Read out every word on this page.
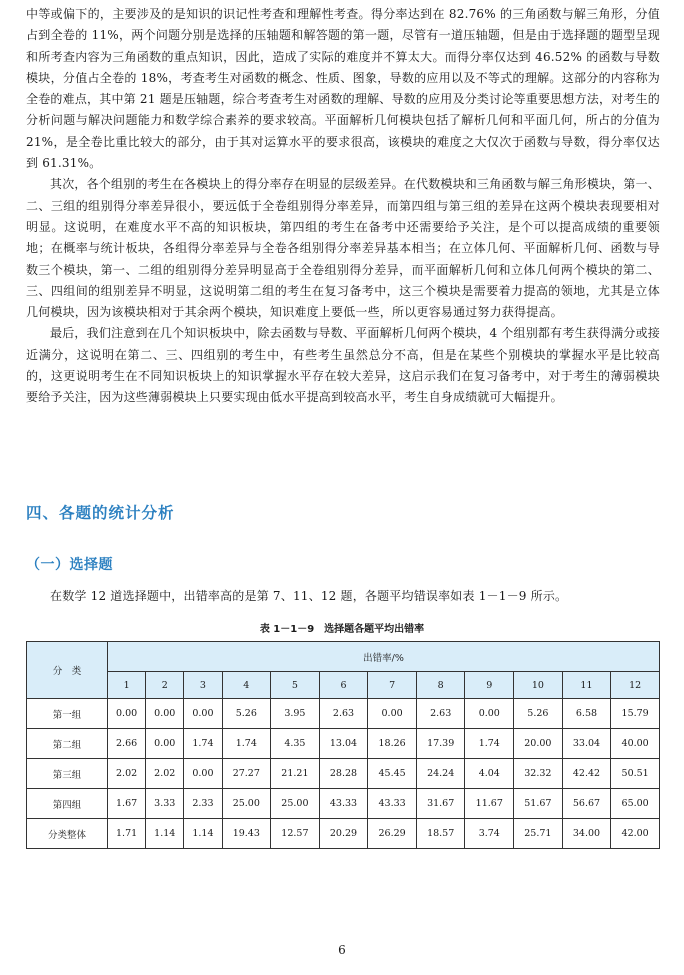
中等或偏下的，主要涉及的是知识的识记性考查和理解性考查。得分率达到在 82.76% 的三角函数与解三角形，分值占到全卷的 11%，两个问题分别是选择的压轴题和解答题的第一题，尽管有一道压轴题，但是由于选择题的题型呈现和所考查内容为三角函数的重点知识，因此，造成了实际的难度并不算太大。而得分率仅达到 46.52% 的函数与导数模块，分值占全卷的 18%，考查考生对函数的概念、性质、图象，导数的应用以及不等式的理解。这部分的内容称为全卷的难点，其中第 21 题是压轴题，综合考查考生对函数的理解、导数的应用及分类讨论等重要思想方法，对考生的分析问题与解决问题能力和数学综合素养的要求较高。平面解析几何模块包括了解析几何和平面几何，所占的分值为 21%，是全卷比重比较大的部分，由于其对运算水平的要求很高，该模块的难度之大仅次于函数与导数，得分率仅达到 61.31%。

其次，各个组别的考生在各模块上的得分率存在明显的层级差异。在代数模块和三角函数与解三角形模块，第一、二、三组的组别得分率差异很小，要远低于全卷组别得分率差异，而第四组与第三组的差异在这两个模块表现要相对明显。这说明，在难度水平不高的知识板块，第四组的考生在备考中还需要给予关注，是个可以提高成绩的重要领地；在概率与统计板块，各组得分率差异与全卷各组别得分率差异基本相当；在立体几何、平面解析几何、函数与导数三个模块，第一、二组的组别得分差异明显高于全卷组别得分差异，而平面解析几何和立体几何两个模块的第二、三、四组间的组别差异不明显，这说明第二组的考生在复习备考中，这三个模块是需要着力提高的领地，尤其是立体几何模块，因为该模块相对于其余两个模块，知识难度上要低一些，所以更容易通过努力获得提高。

最后，我们注意到在几个知识板块中，除去函数与导数、平面解析几何两个模块，4 个组别都有考生获得满分或接近满分，这说明在第二、三、四组别的考生中，有些考生虽然总分不高，但是在某些个别模块的掌握水平是比较高的，这更说明考生在不同知识板块上的知识掌握水平存在较大差异，这启示我们在复习备考中，对于考生的薄弱模块要给予关注，因为这些薄弱模块上只要实现由低水平提高到较高水平，考生自身成绩就可大幅提升。

四、各题的统计分析
（一）选择题

在数学 12 道选择题中，出错率高的是第 7、11、12 题，各题平均错误率如表 1－1－9 所示。

表 1－1－9　选择题各题平均出错率

分　类	出错率/%											
	1	2	3	4	5	6	7	8	9	10	11	12
第一组	0.00	0.00	0.00	5.26	3.95	2.63	0.00	2.63	0.00	5.26	6.58	15.79
第二组	2.66	0.00	1.74	1.74	4.35	13.04	18.26	17.39	1.74	20.00	33.04	40.00
第三组	2.02	2.02	0.00	27.27	21.21	28.28	45.45	24.24	4.04	32.32	42.42	50.51
第四组	1.67	3.33	2.33	25.00	25.00	43.33	43.33	31.67	11.67	51.67	56.67	65.00
分类整体	1.71	1.14	1.14	19.43	12.57	20.29	26.29	18.57	3.74	25.71	34.00	42.00

6
